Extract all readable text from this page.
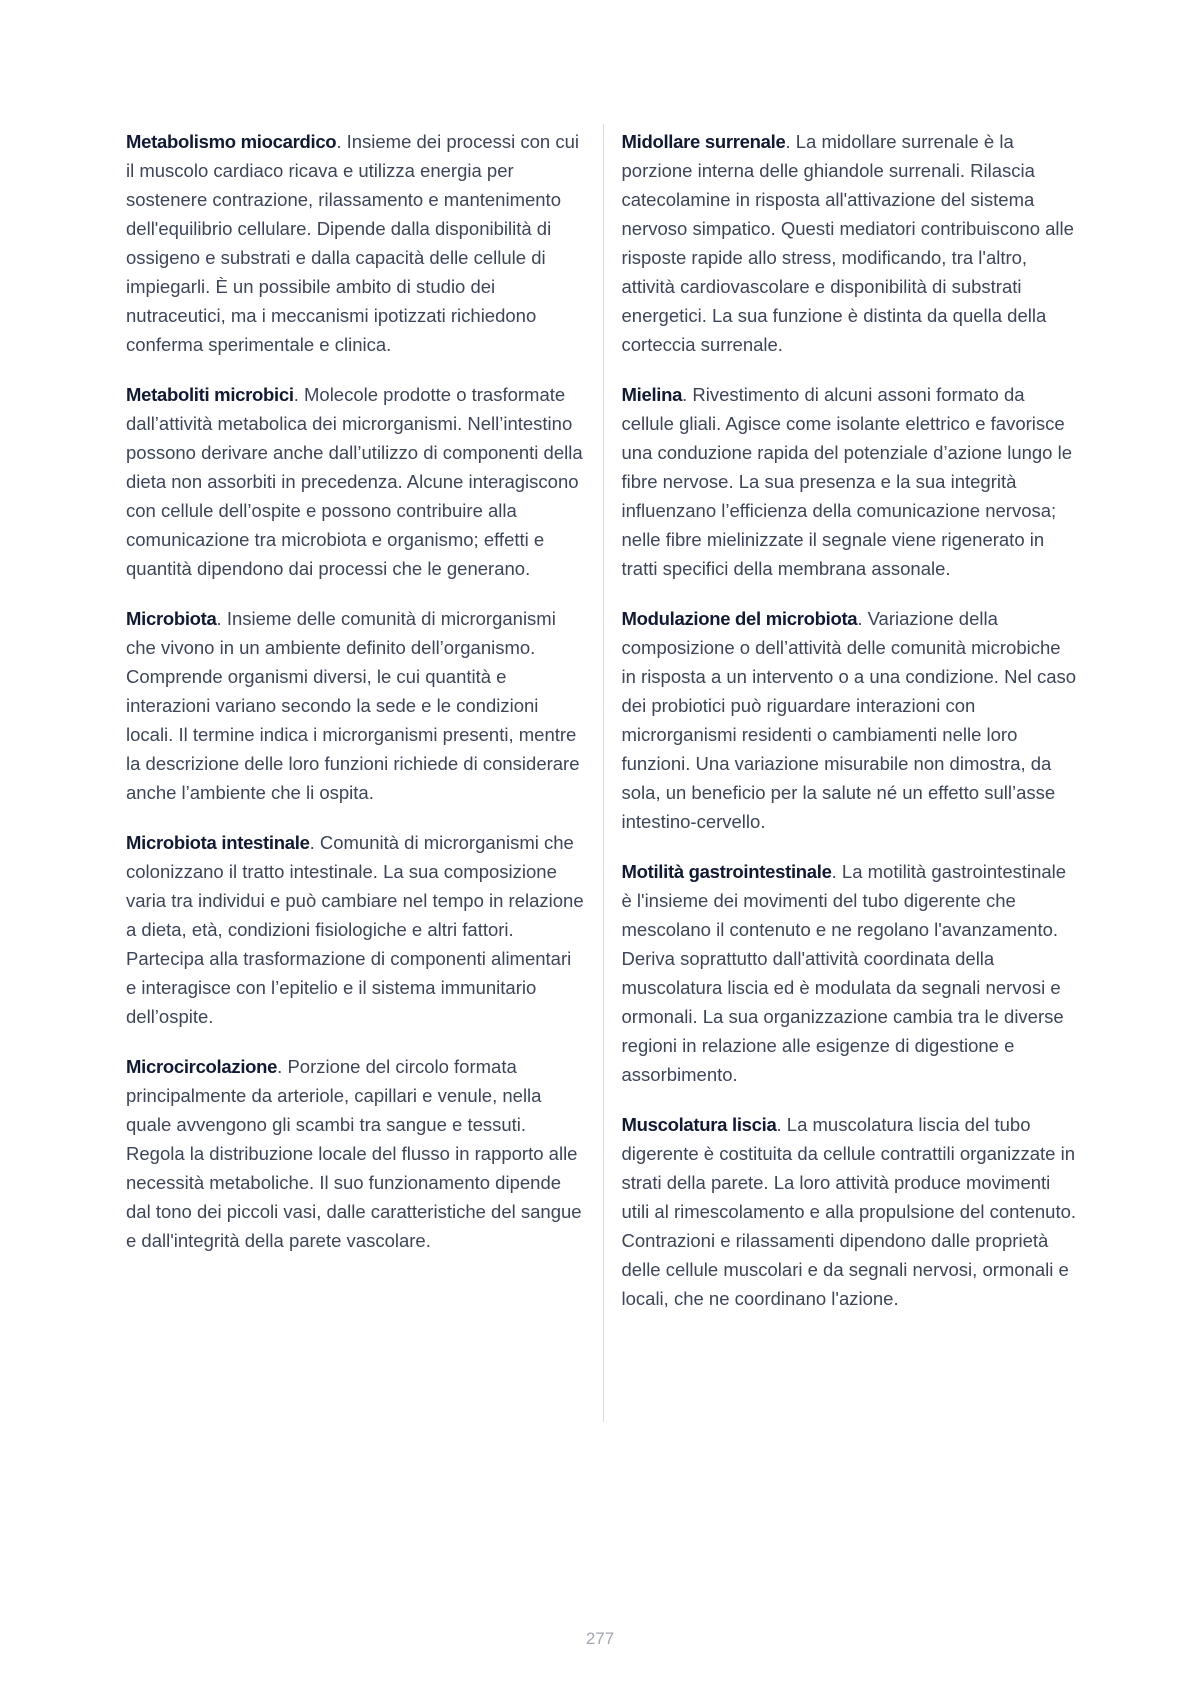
Metabolismo miocardico. Insieme dei processi con cui il muscolo cardiaco ricava e utilizza energia per sostenere contrazione, rilassamento e mantenimento dell'equilibrio cellulare. Dipende dalla disponibilità di ossigeno e substrati e dalla capacità delle cellule di impiegarli. È un possibile ambito di studio dei nutraceutici, ma i meccanismi ipotizzati richiedono conferma sperimentale e clinica.

Metaboliti microbici. Molecole prodotte o trasformate dall’attività metabolica dei microrganismi. Nell’intestino possono derivare anche dall’utilizzo di componenti della dieta non assorbiti in precedenza. Alcune interagiscono con cellule dell’ospite e possono contribuire alla comunicazione tra microbiota e organismo; effetti e quantità dipendono dai processi che le generano.

Microbiota. Insieme delle comunità di microrganismi che vivono in un ambiente definito dell’organismo. Comprende organismi diversi, le cui quantità e interazioni variano secondo la sede e le condizioni locali. Il termine indica i microrganismi presenti, mentre la descrizione delle loro funzioni richiede di considerare anche l’ambiente che li ospita.

Microbiota intestinale. Comunità di microrganismi che colonizzano il tratto intestinale. La sua composizione varia tra individui e può cambiare nel tempo in relazione a dieta, età, condizioni fisiologiche e altri fattori. Partecipa alla trasformazione di componenti alimentari e interagisce con l’epitelio e il sistema immunitario dell’ospite.

Microcircolazione. Porzione del circolo formata principalmente da arteriole, capillari e venule, nella quale avvengono gli scambi tra sangue e tessuti. Regola la distribuzione locale del flusso in rapporto alle necessità metaboliche. Il suo funzionamento dipende dal tono dei piccoli vasi, dalle caratteristiche del sangue e dall'integrità della parete vascolare.

Midollare surrenale. La midollare surrenale è la porzione interna delle ghiandole surrenali. Rilascia catecolamine in risposta all'attivazione del sistema nervoso simpatico. Questi mediatori contribuiscono alle risposte rapide allo stress, modificando, tra l'altro, attività cardiovascolare e disponibilità di substrati energetici. La sua funzione è distinta da quella della corteccia surrenale.

Mielina. Rivestimento di alcuni assoni formato da cellule gliali. Agisce come isolante elettrico e favorisce una conduzione rapida del potenziale d’azione lungo le fibre nervose. La sua presenza e la sua integrità influenzano l’efficienza della comunicazione nervosa; nelle fibre mielinizzate il segnale viene rigenerato in tratti specifici della membrana assonale.

Modulazione del microbiota. Variazione della composizione o dell’attività delle comunità microbiche in risposta a un intervento o a una condizione. Nel caso dei probiotici può riguardare interazioni con microrganismi residenti o cambiamenti nelle loro funzioni. Una variazione misurabile non dimostra, da sola, un beneficio per la salute né un effetto sull’asse intestino-cervello.

Motilità gastrointestinale. La motilità gastrointestinale è l'insieme dei movimenti del tubo digerente che mescolano il contenuto e ne regolano l'avanzamento. Deriva soprattutto dall'attività coordinata della muscolatura liscia ed è modulata da segnali nervosi e ormonali. La sua organizzazione cambia tra le diverse regioni in relazione alle esigenze di digestione e assorbimento.

Muscolatura liscia. La muscolatura liscia del tubo digerente è costituita da cellule contrattili organizzate in strati della parete. La loro attività produce movimenti utili al rimescolamento e alla propulsione del contenuto. Contrazioni e rilassamenti dipendono dalle proprietà delle cellule muscolari e da segnali nervosi, ormonali e locali, che ne coordinano l'azione.

277
